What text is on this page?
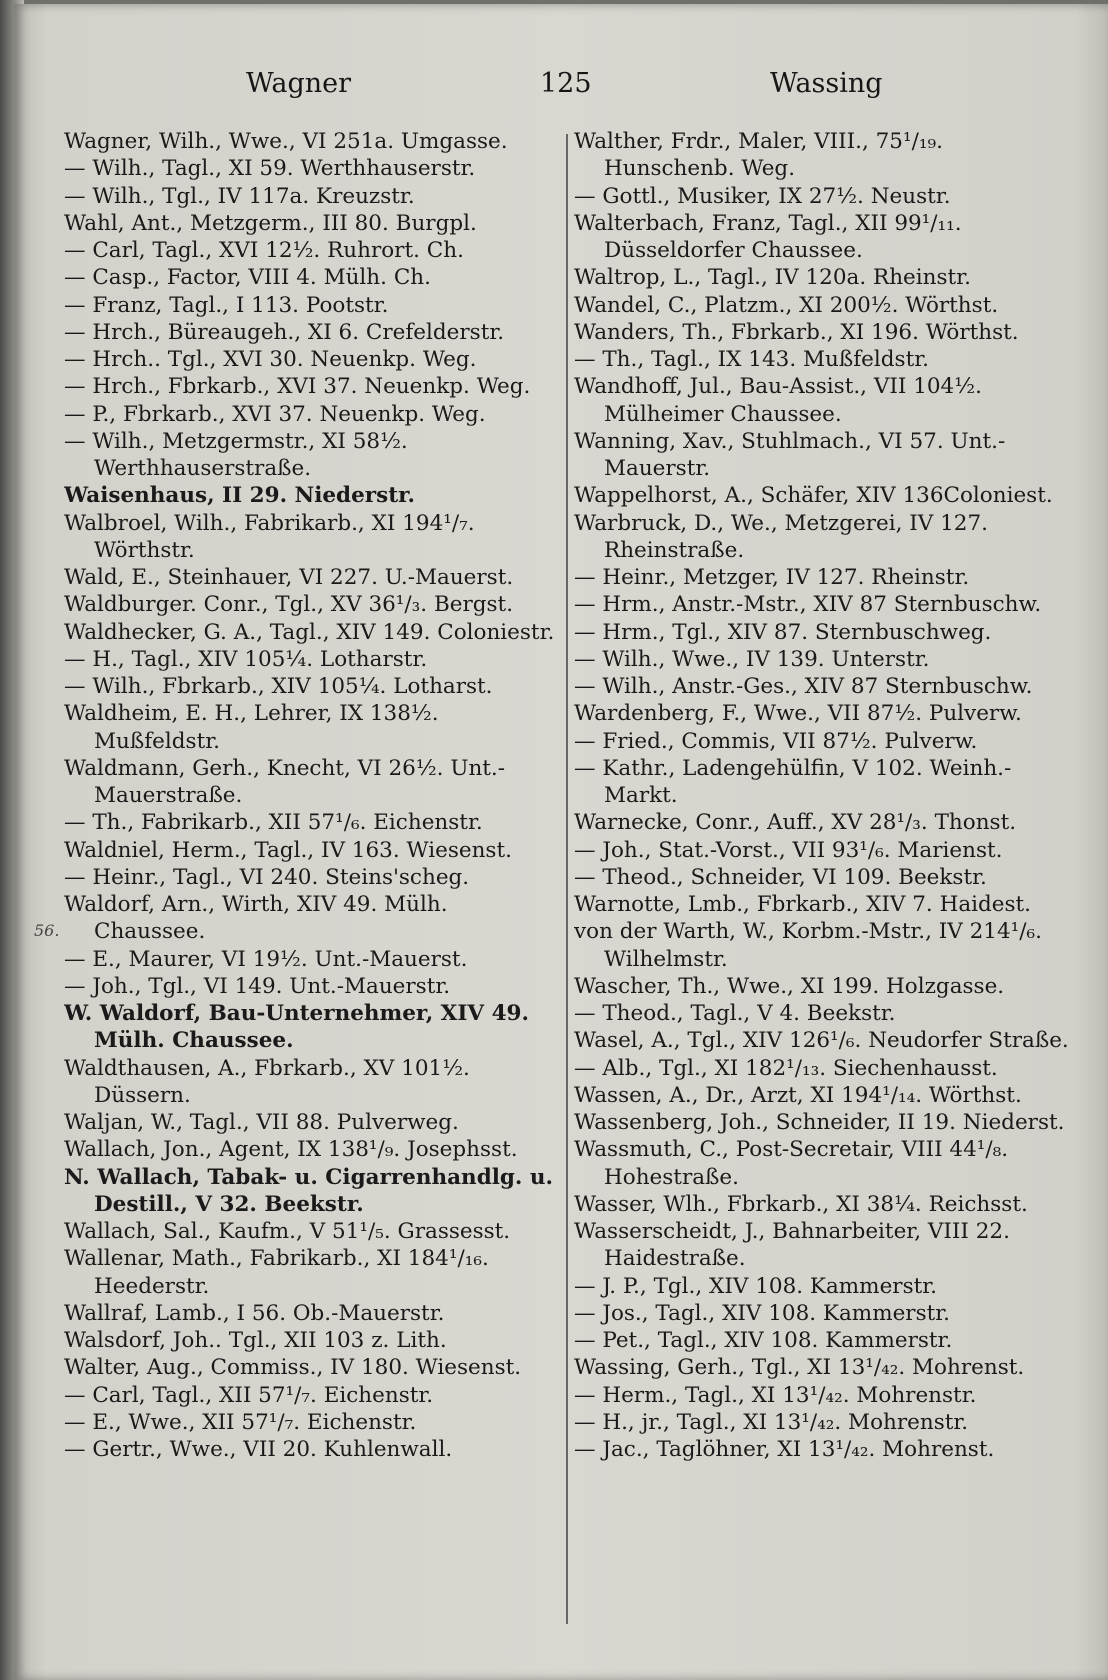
Wagner	125	Wassing
56.
Wagner, Wilh., Wwe., VI 251a. Umgasse.
— Wilh., Tagl., XI 59. Werthhauserstr.
— Wilh., Tgl., IV 117a. Kreuzstr.
Wahl, Ant., Metzgerm., III 80. Burgpl.
— Carl, Tagl., XVI 12½. Ruhrort. Ch.
— Casp., Factor, VIII 4. Mülh. Ch.
— Franz, Tagl., I 113. Pootstr.
— Hrch., Büreaugeh., XI 6. Crefelderstr.
— Hrch.. Tgl., XVI 30. Neuenkp. Weg.
— Hrch., Fbrkarb., XVI 37. Neuenkp. Weg.
— P., Fbrkarb., XVI 37. Neuenkp. Weg.
— Wilh., Metzgermstr., XI 58½. Werthhauserstraße.
Waisenhaus, II 29. Niederstr.
Walbroel, Wilh., Fabrikarb., XI 194¹/₇. Wörthstr.
Wald, E., Steinhauer, VI 227. U.-Mauerst.
Waldburger. Conr., Tgl., XV 36¹/₃. Bergst.
Waldhecker, G. A., Tagl., XIV 149. Coloniestr.
— H., Tagl., XIV 105¼. Lotharstr.
— Wilh., Fbrkarb., XIV 105¼. Lotharst.
Waldheim, E. H., Lehrer, IX 138½. Mußfeldstr.
Waldmann, Gerh., Knecht, VI 26½. Unt.-Mauerstraße.
— Th., Fabrikarb., XII 57¹/₆. Eichenstr.
Waldniel, Herm., Tagl., IV 163. Wiesenst.
— Heinr., Tagl., VI 240. Steins'scheg.
Waldorf, Arn., Wirth, XIV 49. Mülh. Chaussee.
— E., Maurer, VI 19½. Unt.-Mauerst.
— Joh., Tgl., VI 149. Unt.-Mauerstr.
W. Waldorf, Bau-Unternehmer, XIV 49. Mülh. Chaussee.
Waldthausen, A., Fbrkarb., XV 101½. Düssern.
Waljan, W., Tagl., VII 88. Pulverweg.
Wallach, Jon., Agent, IX 138¹/₉. Josephsst.
N. Wallach, Tabak- u. Cigarrenhandlg. u. Destill., V 32. Beekstr.
Wallach, Sal., Kaufm., V 51¹/₅. Grassesst.
Wallenar, Math., Fabrikarb., XI 184¹/₁₆. Heederstr.
Wallraf, Lamb., I 56. Ob.-Mauerstr.
Walsdorf, Joh.. Tgl., XII 103 z. Lith.
Walter, Aug., Commiss., IV 180. Wiesenst.
— Carl, Tagl., XII 57¹/₇. Eichenstr.
— E., Wwe., XII 57¹/₇. Eichenstr.
— Gertr., Wwe., VII 20. Kuhlenwall.
Walther, Frdr., Maler, VIII., 75¹/₁₉. Hunschenb. Weg.
— Gottl., Musiker, IX 27½. Neustr.
Walterbach, Franz, Tagl., XII 99¹/₁₁. Düsseldorfer Chaussee.
Waltrop, L., Tagl., IV 120a. Rheinstr.
Wandel, C., Platzm., XI 200½. Wörthst.
Wanders, Th., Fbrkarb., XI 196. Wörthst.
— Th., Tagl., IX 143. Mußfeldstr.
Wandhoff, Jul., Bau-Assist., VII 104½. Mülheimer Chaussee.
Wanning, Xav., Stuhlmach., VI 57. Unt.-Mauerstr.
Wappelhorst, A., Schäfer, XIV 136Coloniest.
Warbruck, D., We., Metzgerei, IV 127. Rheinstraße.
— Heinr., Metzger, IV 127. Rheinstr.
— Hrm., Anstr.-Mstr., XIV 87 Sternbuschw.
— Hrm., Tgl., XIV 87. Sternbuschweg.
— Wilh., Wwe., IV 139. Unterstr.
— Wilh., Anstr.-Ges., XIV 87 Sternbuschw.
Wardenberg, F., Wwe., VII 87½. Pulverw.
— Fried., Commis, VII 87½. Pulverw.
— Kathr., Ladengehülfin, V 102. Weinh.-Markt.
Warnecke, Conr., Auff., XV 28¹/₃. Thonst.
— Joh., Stat.-Vorst., VII 93¹/₆. Marienst.
— Theod., Schneider, VI 109. Beekstr.
Warnotte, Lmb., Fbrkarb., XIV 7. Haidest.
von der Warth, W., Korbm.-Mstr., IV 214¹/₆. Wilhelmstr.
Wascher, Th., Wwe., XI 199. Holzgasse.
— Theod., Tagl., V 4. Beekstr.
Wasel, A., Tgl., XIV 126¹/₆. Neudorfer Straße.
— Alb., Tgl., XI 182¹/₁₃. Siechenhausst.
Wassen, A., Dr., Arzt, XI 194¹/₁₄. Wörthst.
Wassenberg, Joh., Schneider, II 19. Niederst.
Wassmuth, C., Post-Secretair, VIII 44¹/₈. Hohestraße.
Wasser, Wlh., Fbrkarb., XI 38¼. Reichsst.
Wasserscheidt, J., Bahnarbeiter, VIII 22. Haidestraße.
— J. P., Tgl., XIV 108. Kammerstr.
— Jos., Tagl., XIV 108. Kammerstr.
— Pet., Tagl., XIV 108. Kammerstr.
Wassing, Gerh., Tgl., XI 13¹/₄₂. Mohrenst.
— Herm., Tagl., XI 13¹/₄₂. Mohrenstr.
— H., jr., Tagl., XI 13¹/₄₂. Mohrenstr.
— Jac., Taglöhner, XI 13¹/₄₂. Mohrenst.
